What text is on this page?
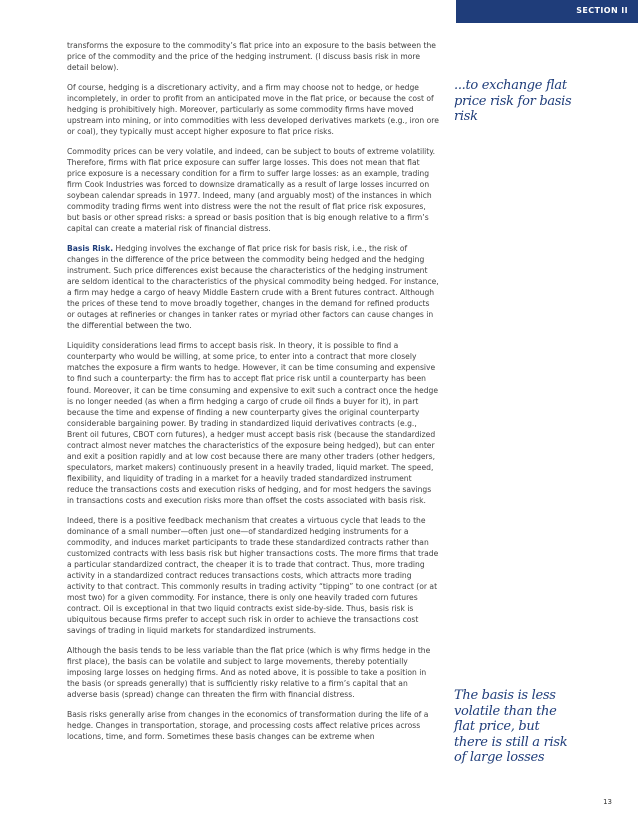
SECTION II

transforms the exposure to the commodity’s flat price into an exposure to the basis between the price of the commodity and the price of the hedging instrument. (I discuss basis risk in more detail below).

Of course, hedging is a discretionary activity, and a firm may choose not to hedge, or hedge incompletely, in order to profit from an anticipated move in the flat price, or because the cost of hedging is prohibitively high. Moreover, particularly as some commodity firms have moved upstream into mining, or into commodities with less developed derivatives markets (e.g., iron ore or coal), they typically must accept higher exposure to flat price risks.

Commodity prices can be very volatile, and indeed, can be subject to bouts of extreme volatility. Therefore, firms with flat price exposure can suffer large losses. This does not mean that flat price exposure is a necessary condition for a firm to suffer large losses: as an example, trading firm Cook Industries was forced to downsize dramatically as a result of large losses incurred on soybean calendar spreads in 1977. Indeed, many (and arguably most) of the instances in which commodity trading firms went into distress were the not the result of flat price risk exposures, but basis or other spread risks: a spread or basis position that is big enough relative to a firm’s capital can create a material risk of financial distress.

Basis Risk. Hedging involves the exchange of flat price risk for basis risk, i.e., the risk of changes in the difference of the price between the commodity being hedged and the hedging instrument. Such price differences exist because the characteristics of the hedging instrument are seldom identical to the characteristics of the physical commodity being hedged. For instance, a firm may hedge a cargo of heavy Middle Eastern crude with a Brent futures contract. Although the prices of these tend to move broadly together, changes in the demand for refined products or outages at refineries or changes in tanker rates or myriad other factors can cause changes in the differential between the two.

Liquidity considerations lead firms to accept basis risk. In theory, it is possible to find a counterparty who would be willing, at some price, to enter into a contract that more closely matches the exposure a firm wants to hedge. However, it can be time consuming and expensive to find such a counterparty: the firm has to accept flat price risk until a counterparty has been found. Moreover, it can be time consuming and expensive to exit such a contract once the hedge is no longer needed (as when a firm hedging a cargo of crude oil finds a buyer for it), in part because the time and expense of finding a new counterparty gives the original counterparty considerable bargaining power. By trading in standardized liquid derivatives contracts (e.g., Brent oil futures, CBOT corn futures), a hedger must accept basis risk (because the standardized contract almost never matches the characteristics of the exposure being hedged), but can enter and exit a position rapidly and at low cost because there are many other traders (other hedgers, speculators, market makers) continuously present in a heavily traded, liquid market. The speed, flexibility, and liquidity of trading in a market for a heavily traded standardized instrument reduce the transactions costs and execution risks of hedging, and for most hedgers the savings in transactions costs and execution risks more than offset the costs associated with basis risk.

Indeed, there is a positive feedback mechanism that creates a virtuous cycle that leads to the dominance of a small number—often just one—of standardized hedging instruments for a commodity, and induces market participants to trade these standardized contracts rather than customized contracts with less basis risk but higher transactions costs. The more firms that trade a particular standardized contract, the cheaper it is to trade that contract. Thus, more trading activity in a standardized contract reduces transactions costs, which attracts more trading activity to that contract. This commonly results in trading activity “tipping” to one contract (or at most two) for a given commodity. For instance, there is only one heavily traded corn futures contract. Oil is exceptional in that two liquid contracts exist side-by-side. Thus, basis risk is ubiquitous because firms prefer to accept such risk in order to achieve the transactions cost savings of trading in liquid markets for standardized instruments.

Although the basis tends to be less variable than the flat price (which is why firms hedge in the first place), the basis can be volatile and subject to large movements, thereby potentially imposing large losses on hedging firms. And as noted above, it is possible to take a position in the basis (or spreads generally) that is sufficiently risky relative to a firm’s capital that an adverse basis (spread) change can threaten the firm with financial distress.

Basis risks generally arise from changes in the economics of transformation during the life of a hedge. Changes in transportation, storage, and processing costs affect relative prices across locations, time, and form. Sometimes these basis changes can be extreme when

...to exchange flat price risk for basis risk
The basis is less volatile than the flat price, but there is still a risk of large losses
13
